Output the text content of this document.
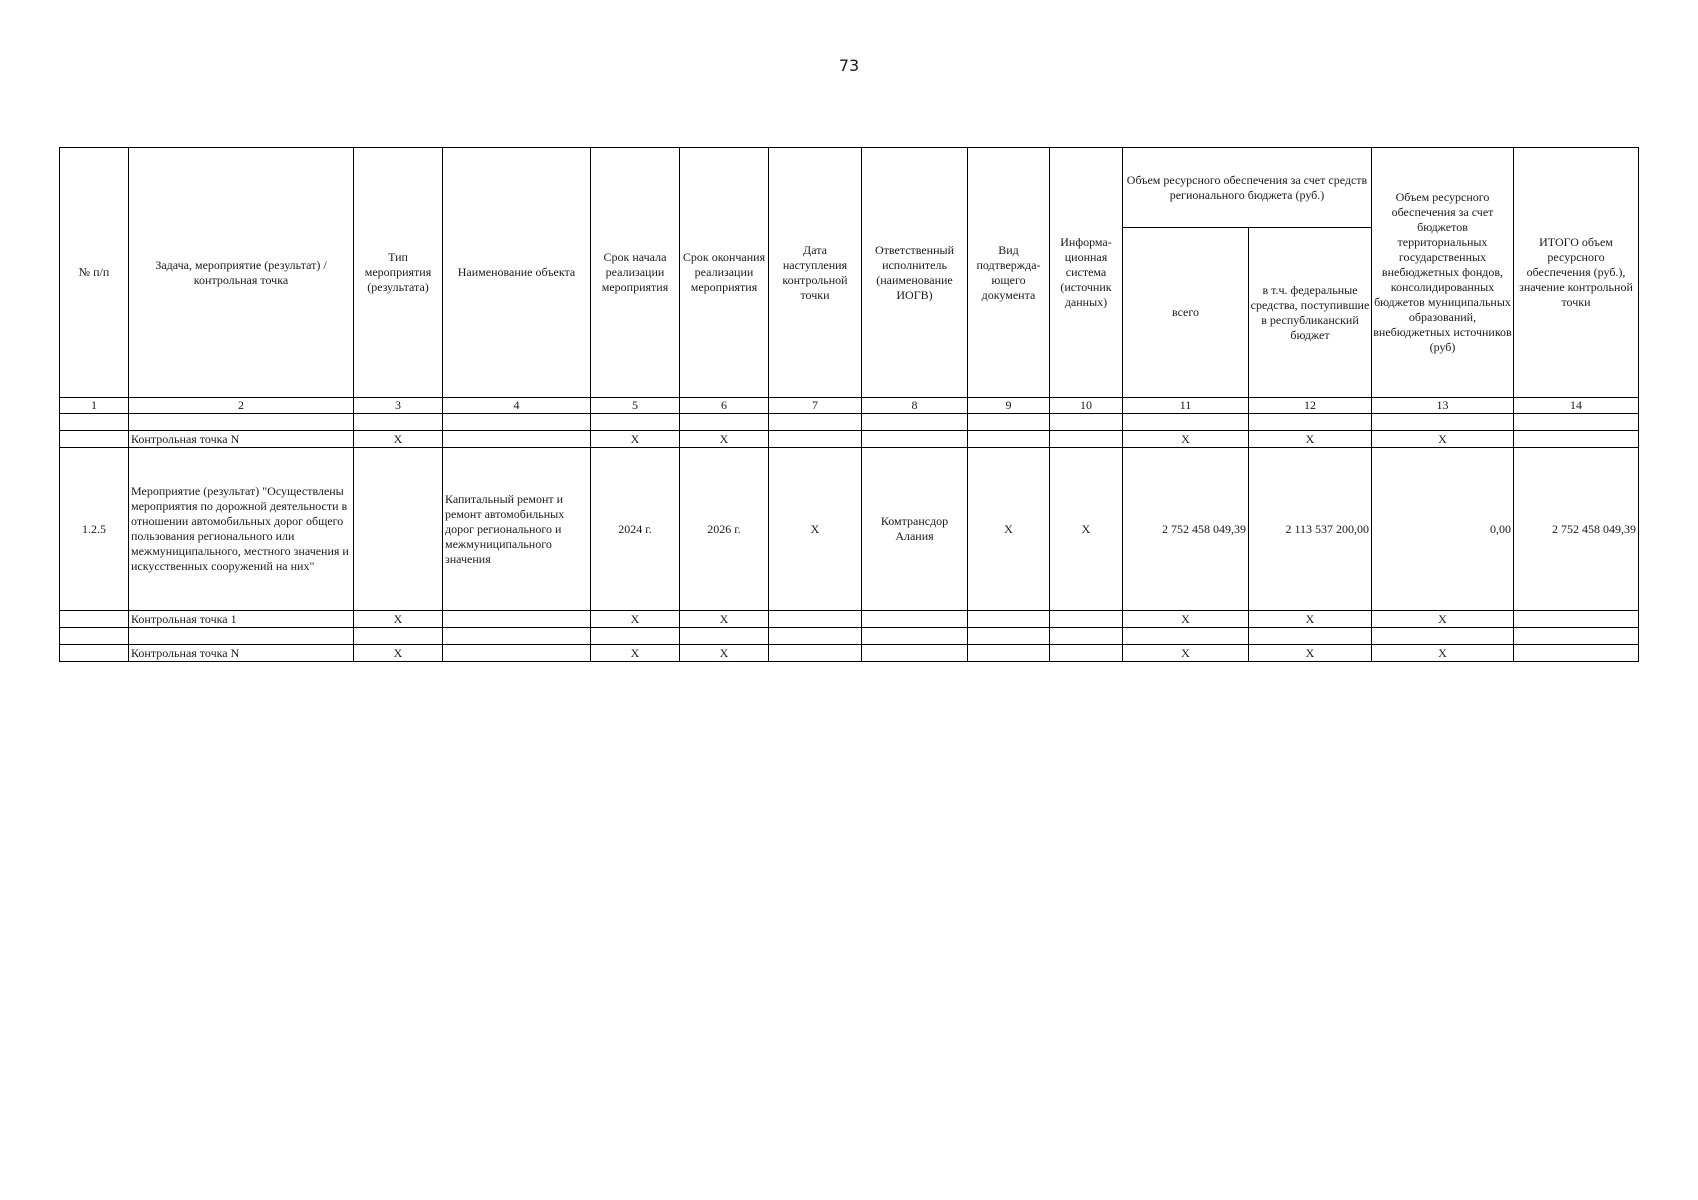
73
№ п/п	Задача, мероприятие (результат) / контрольная точка	Тип мероприятия (результата)	Наименование объекта	Срок начала реализации мероприятия	Срок окончания реализации мероприятия	Дата наступления контрольной точки	Ответственный исполнитель (наименование ИОГВ)	Вид подтвержда-ющего документа	Информа-ционная система (источник данных)	Объем ресурсного обеспечения за счет средств регионального бюджета (руб.)		Объем ресурсного обеспечения за счет бюджетов территориальных государственных внебюджетных фондов, консолидированных бюджетов муниципальных образований, внебюджетных источников (руб)	ИТОГО объем ресурсного обеспечения (руб.), значение контрольной точки
										всего	в т.ч. федеральные средства, поступившие в республиканский бюджет		
1	2	3	4	5	6	7	8	9	10	11	12	13	14

	Контрольная точка N	X		X	X					X	X	X	
1.2.5	Мероприятие (результат) "Осуществлены мероприятия по дорожной деятельности в отношении автомобильных дорог общего пользования регионального или межмуниципального, местного значения и искусственных сооружений на них"		Капитальный ремонт и ремонт автомобильных дорог регионального и межмуниципального значения	2024 г.	2026 г.	X	Комтрансдор Алания	X	X	2 752 458 049,39	2 113 537 200,00	0,00	2 752 458 049,39
	Контрольная точка 1	X		X	X					X	X	X	

	Контрольная точка N	X		X	X					X	X	X	
